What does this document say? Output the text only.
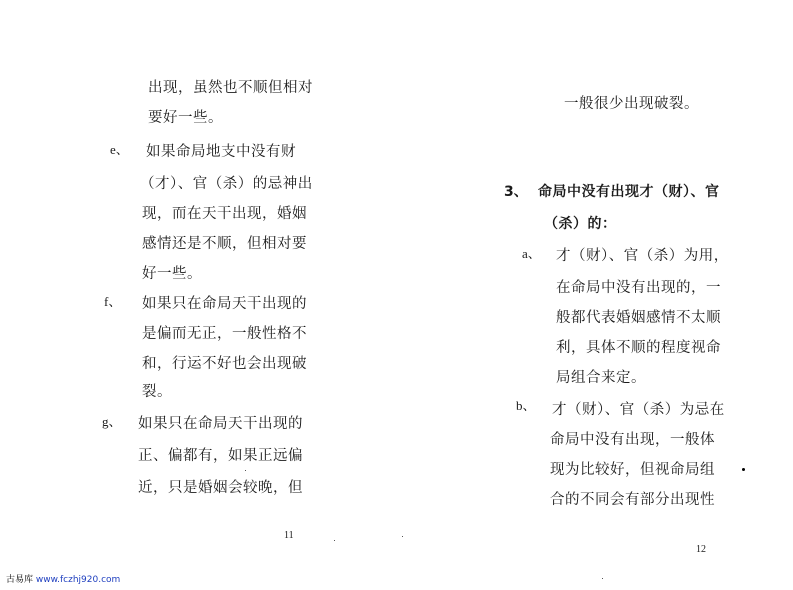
出现，虽然也不顺但相对
要好一些。
e、 如果命局地支中没有财
（才）、官（杀）的忌神出
现，而在天干出现，婚姻
感情还是不顺，但相对要
好一些。
f、 如果只在命局天干出现的
是偏而无正，一般性格不
和，行运不好也会出现破
裂。
g、 如果只在命局天干出现的
正、偏都有，如果正远偏
近，只是婚姻会较晚，但
11
一般很少出现破裂。
3、 命局中没有出现才（财）、官
（杀）的：
a、 才（财）、官（杀）为用，
在命局中没有出现的，一
般都代表婚姻感情不太顺
利，具体不顺的程度视命
局组合来定。
b、 才（财）、官（杀）为忌在
命局中没有出现，一般体
现为比较好，但视命局组
合的不同会有部分出现性
12
古易库 www.fczhj920.com
